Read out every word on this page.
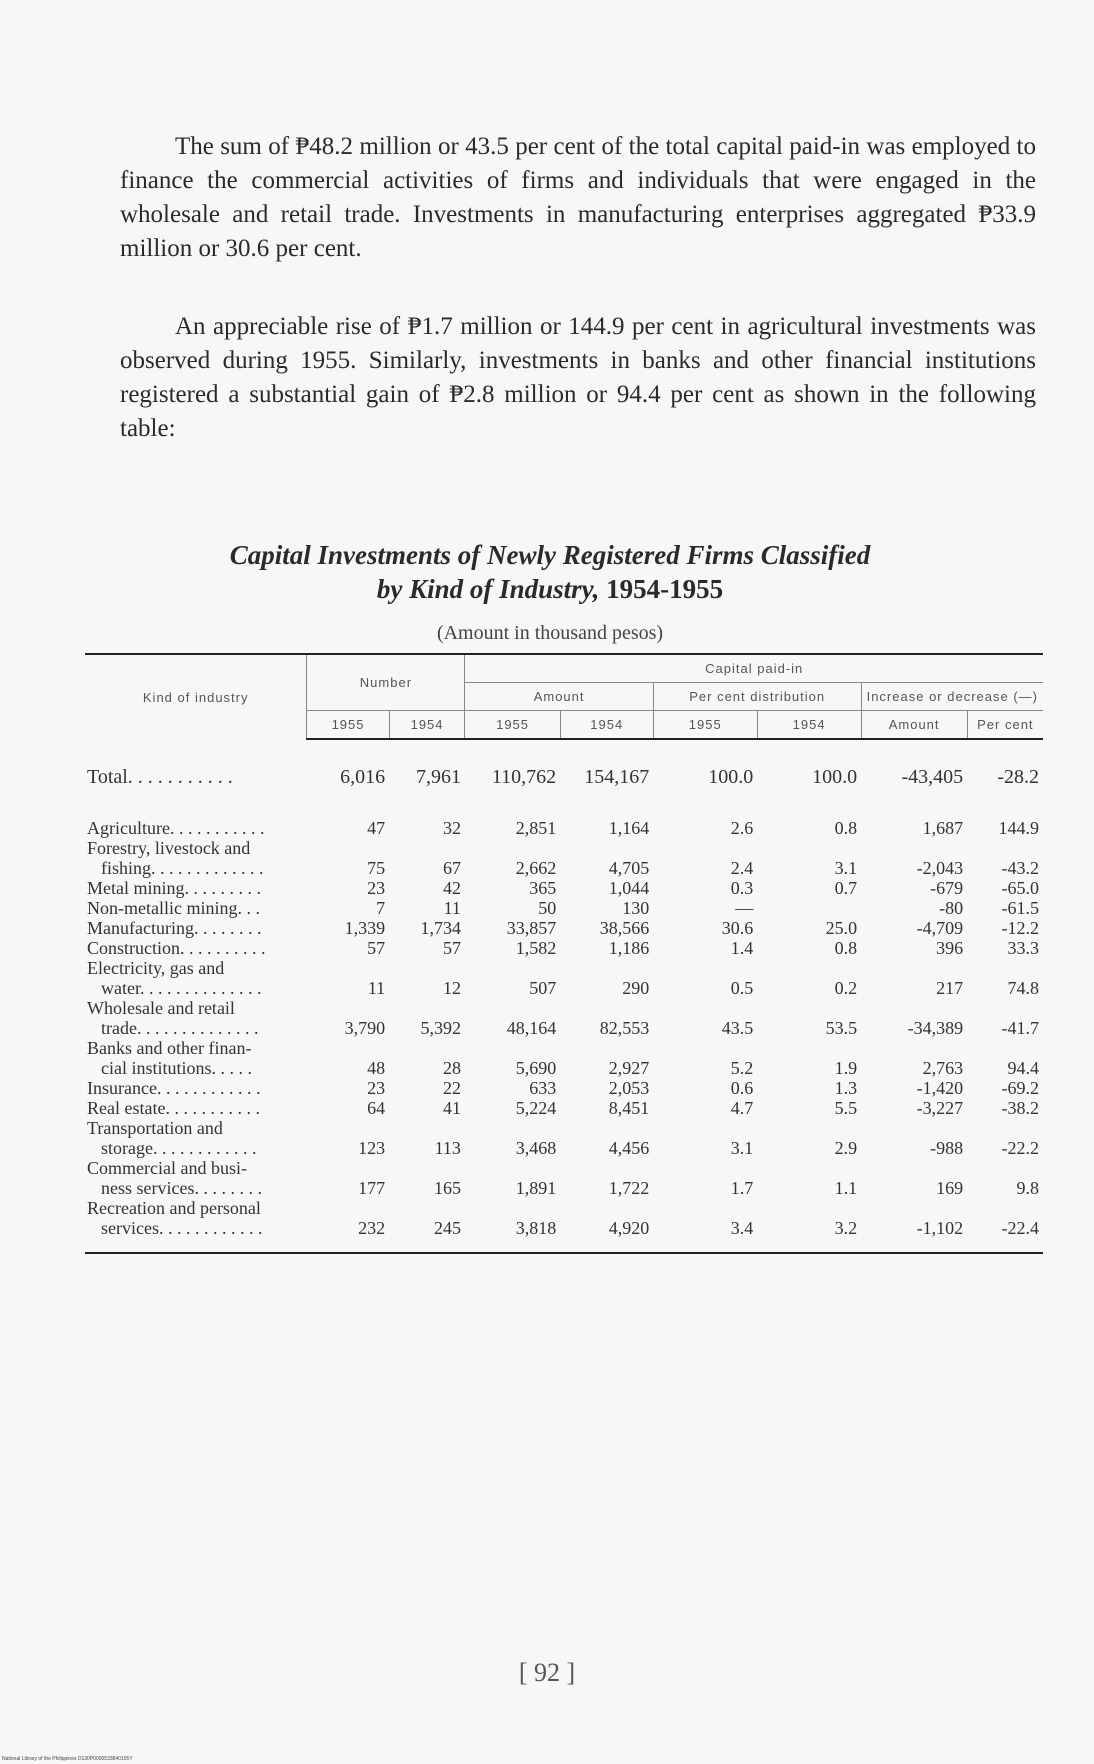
The sum of ₱48.2 million or 43.5 per cent of the total capital paid-in was employed to finance the commercial activities of firms and individuals that were engaged in the wholesale and retail trade. Investments in manufacturing enterprises aggregated ₱33.9 million or 30.6 per cent.

An appreciable rise of ₱1.7 million or 144.9 per cent in agricultural investments was observed during 1955. Similarly, investments in banks and other financial institutions registered a substantial gain of ₱2.8 million or 94.4 per cent as shown in the following table:

Capital Investments of Newly Registered Firms Classified
by Kind of Industry, 1954-1955
(Amount in thousand pesos)
Kind of industry	Number		Capital paid-in					
			Amount		Per cent distribution		Increase or decrease (—)	
	1955	1954	1955	1954	1955	1954	Amount	Per cent
Total. . . . . . . . . . .	6,016	7,961	110,762	154,167	100.0	100.0	-43,405	-28.2

Agriculture. . . . . . . . . . .	47	32	2,851	1,164	2.6	0.8	1,687	144.9
Forestry, livestock and								
fishing. . . . . . . . . . . . .	75	67	2,662	4,705	2.4	3.1	-2,043	-43.2
Metal mining. . . . . . . . .	23	42	365	1,044	0.3	0.7	-679	-65.0
Non-metallic mining. . .	7	11	50	130	—		-80	-61.5
Manufacturing. . . . . . . .	1,339	1,734	33,857	38,566	30.6	25.0	-4,709	-12.2
Construction. . . . . . . . . .	57	57	1,582	1,186	1.4	0.8	396	33.3
Electricity, gas and								
water. . . . . . . . . . . . . .	11	12	507	290	0.5	0.2	217	74.8
Wholesale and retail								
trade. . . . . . . . . . . . . .	3,790	5,392	48,164	82,553	43.5	53.5	-34,389	-41.7
Banks and other finan-								
cial institutions. . . . .	48	28	5,690	2,927	5.2	1.9	2,763	94.4
Insurance. . . . . . . . . . . .	23	22	633	2,053	0.6	1.3	-1,420	-69.2
Real estate. . . . . . . . . . .	64	41	5,224	8,451	4.7	5.5	-3,227	-38.2
Transportation and								
storage. . . . . . . . . . . .	123	113	3,468	4,456	3.1	2.9	-988	-22.2
Commercial and busi-								
ness services. . . . . . . .	177	165	1,891	1,722	1.7	1.1	169	9.8
Recreation and personal								
services. . . . . . . . . . . .	232	245	3,818	4,920	3.4	3.2	-1,102	-22.4

[ 92 ]
National Library of the Philippines D130P0000533840155Y
